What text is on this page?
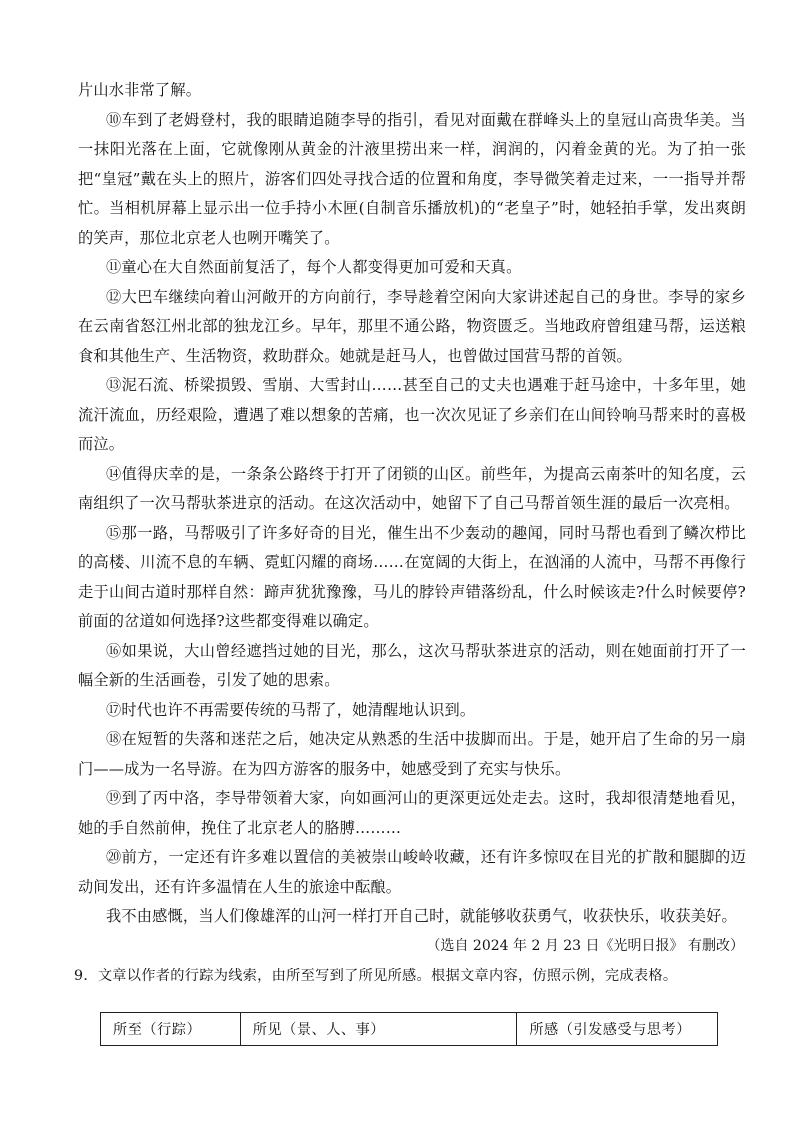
片山水非常了解。

⑩车到了老姆登村，我的眼睛追随李导的指引，看见对面戴在群峰头上的皇冠山高贵华美。当一抹阳光落在上面，它就像刚从黄金的汁液里捞出来一样，润润的，闪着金黄的光。为了拍一张把“皇冠”戴在头上的照片，游客们四处寻找合适的位置和角度，李导微笑着走过来，一一指导并帮忙。当相机屏幕上显示出一位手持小木匣(自制音乐播放机)的“老皇子”时，她轻拍手掌，发出爽朗的笑声，那位北京老人也咧开嘴笑了。

⑪童心在大自然面前复活了，每个人都变得更加可爱和天真。

⑫大巴车继续向着山河敞开的方向前行，李导趁着空闲向大家讲述起自己的身世。李导的家乡在云南省怒江州北部的独龙江乡。早年，那里不通公路，物资匮乏。当地政府曾组建马帮，运送粮食和其他生产、生活物资，救助群众。她就是赶马人，也曾做过国营马帮的首领。

⑬泥石流、桥梁损毁、雪崩、大雪封山……甚至自己的丈夫也遇难于赶马途中，十多年里，她流汗流血，历经艰险，遭遇了难以想象的苦痛，也一次次见证了乡亲们在山间铃响马帮来时的喜极而泣。

⑭值得庆幸的是，一条条公路终于打开了闭锁的山区。前些年，为提高云南茶叶的知名度，云南组织了一次马帮驮茶进京的活动。在这次活动中，她留下了自己马帮首领生涯的最后一次亮相。

⑮那一路，马帮吸引了许多好奇的目光，催生出不少轰动的趣闻，同时马帮也看到了鳞次栉比的高楼、川流不息的车辆、霓虹闪耀的商场……在宽阔的大街上，在汹涌的人流中，马帮不再像行走于山间古道时那样自然：蹄声犹犹豫豫，马儿的脖铃声错落纷乱，什么时候该走?什么时候要停?前面的岔道如何选择?这些都变得难以确定。

⑯如果说，大山曾经遮挡过她的目光，那么，这次马帮驮茶进京的活动，则在她面前打开了一幅全新的生活画卷，引发了她的思索。

⑰时代也许不再需要传统的马帮了，她清醒地认识到。

⑱在短暂的失落和迷茫之后，她决定从熟悉的生活中拔脚而出。于是，她开启了生命的另一扇门——成为一名导游。在为四方游客的服务中，她感受到了充实与快乐。

⑲到了丙中洛，李导带领着大家，向如画河山的更深更远处走去。这时，我却很清楚地看见，她的手自然前伸，挽住了北京老人的胳膊………

⑳前方，一定还有许多难以置信的美被崇山峻岭收藏，还有许多惊叹在目光的扩散和腿脚的迈动间发出，还有许多温情在人生的旅途中酝酿。

我不由感慨，当人们像雄浑的山河一样打开自己时，就能够收获勇气，收获快乐，收获美好。

（选自 2024 年 2 月 23 日《光明日报》 有删改）

9．文章以作者的行踪为线索，由所至写到了所见所感。根据文章内容，仿照示例，完成表格。

所至（行踪）	所见（景、人、事）	所感（引发感受与思考）
